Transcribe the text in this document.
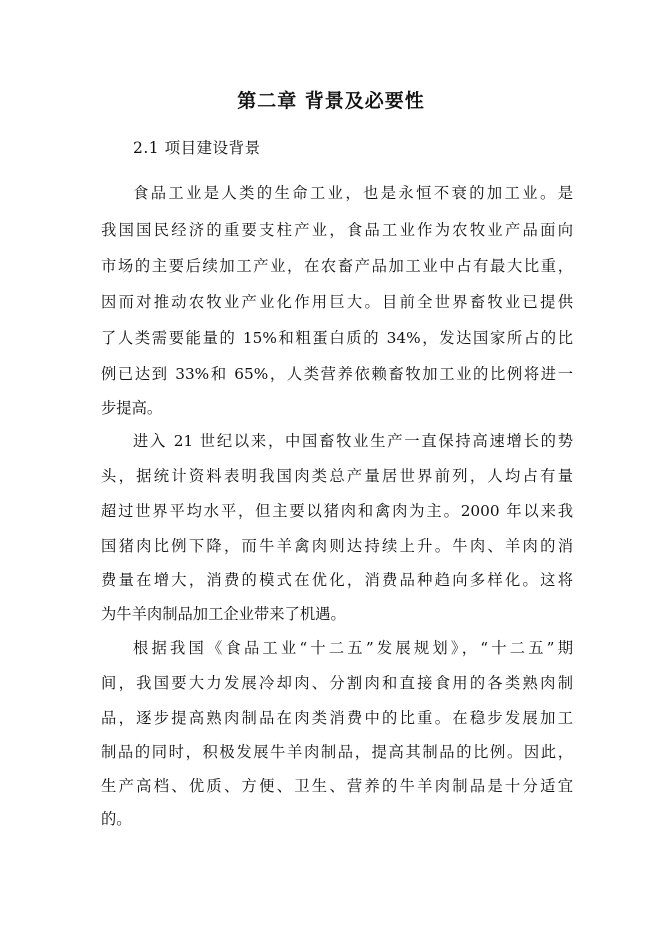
第二章 背景及必要性
2.1 项目建设背景
食品工业是人类的生命工业，也是永恒不衰的加工业。是
我国国民经济的重要支柱产业，食品工业作为农牧业产品面向
市场的主要后续加工产业，在农畜产品加工业中占有最大比重，
因而对推动农牧业产业化作用巨大。目前全世界畜牧业已提供
了人类需要能量的 15%和粗蛋白质的 34%，发达国家所占的比
例已达到 33%和 65%，人类营养依赖畜牧加工业的比例将进一
步提高。
进入 21 世纪以来，中国畜牧业生产一直保持高速增长的势
头，据统计资料表明我国肉类总产量居世界前列，人均占有量
超过世界平均水平，但主要以猪肉和禽肉为主。2000 年以来我
国猪肉比例下降，而牛羊禽肉则达持续上升。牛肉、羊肉的消
费量在增大，消费的模式在优化，消费品种趋向多样化。这将
为牛羊肉制品加工企业带来了机遇。
根据我国《食品工业“十二五”发展规划》，“十二五”期
间，我国要大力发展冷却肉、分割肉和直接食用的各类熟肉制
品，逐步提高熟肉制品在肉类消费中的比重。在稳步发展加工
制品的同时，积极发展牛羊肉制品，提高其制品的比例。因此，
生产高档、优质、方便、卫生、营养的牛羊肉制品是十分适宜
的。
